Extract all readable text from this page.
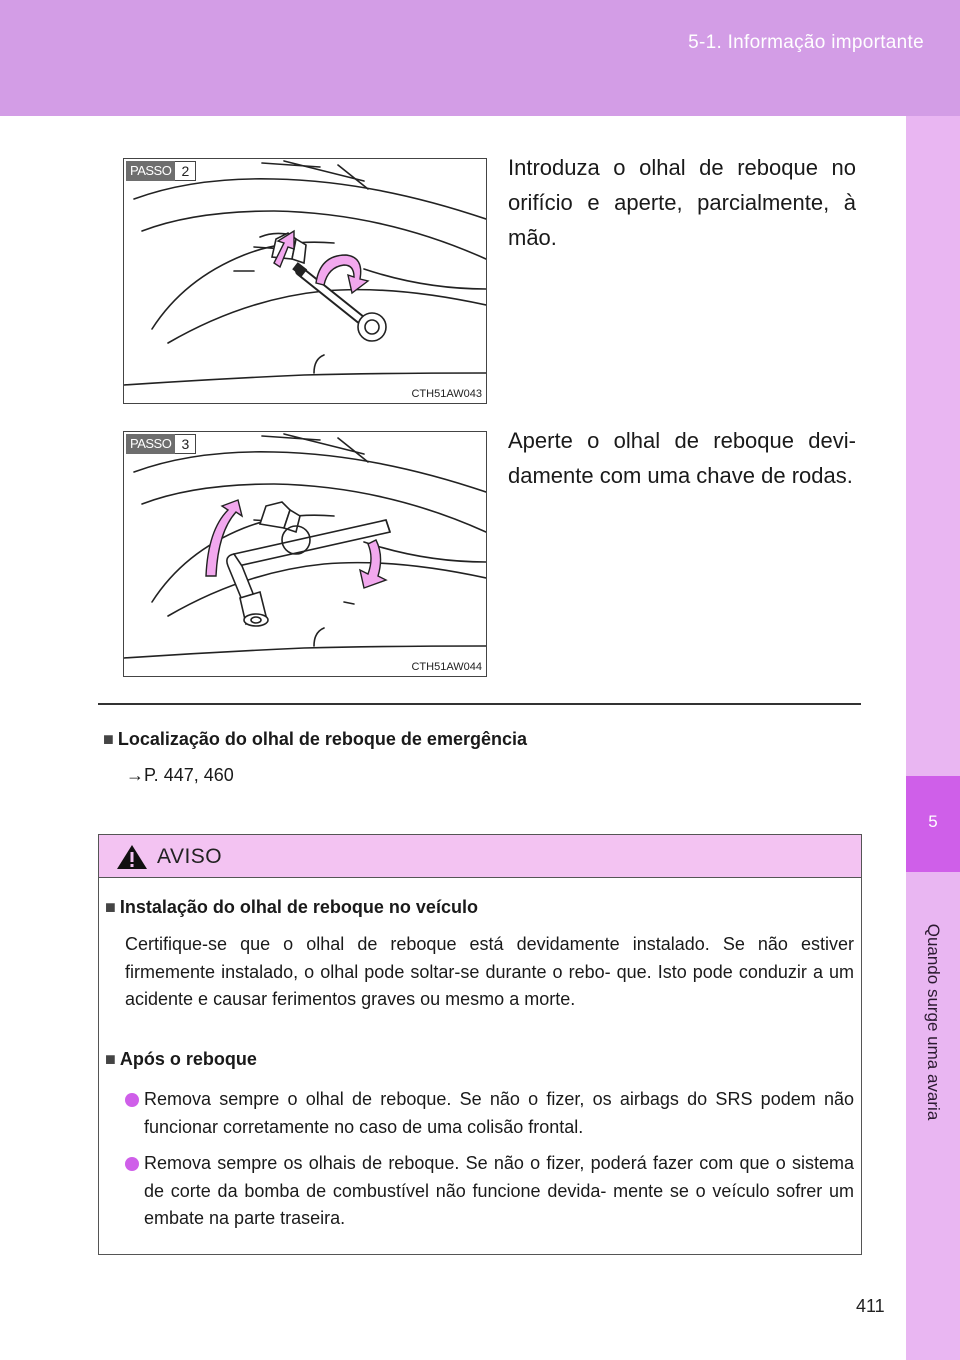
5-1. Informação importante
5
Quando surge uma avaria
PASSO 2
CTH51AW043
Introduza o olhal de reboque no orifício e aperte, parcialmente, à mão.
PASSO 3
CTH51AW044
Aperte o olhal de reboque devi- damente com uma chave de rodas.
■ Localização do olhal de reboque de emergência
→P. 447, 460
AVISO
■ Instalação do olhal de reboque no veículo
Certifique-se que o olhal de reboque está devidamente instalado. Se não estiver firmemente instalado, o olhal pode soltar-se durante o rebo- que. Isto pode conduzir a um acidente e causar ferimentos graves ou mesmo a morte.
■ Após o reboque
Remova sempre o olhal de reboque. Se não o fizer, os airbags do SRS podem não funcionar corretamente no caso de uma colisão frontal.
Remova sempre os olhais de reboque. Se não o fizer, poderá fazer com que o sistema de corte da bomba de combustível não funcione devida- mente se o veículo sofrer um embate na parte traseira.
411
